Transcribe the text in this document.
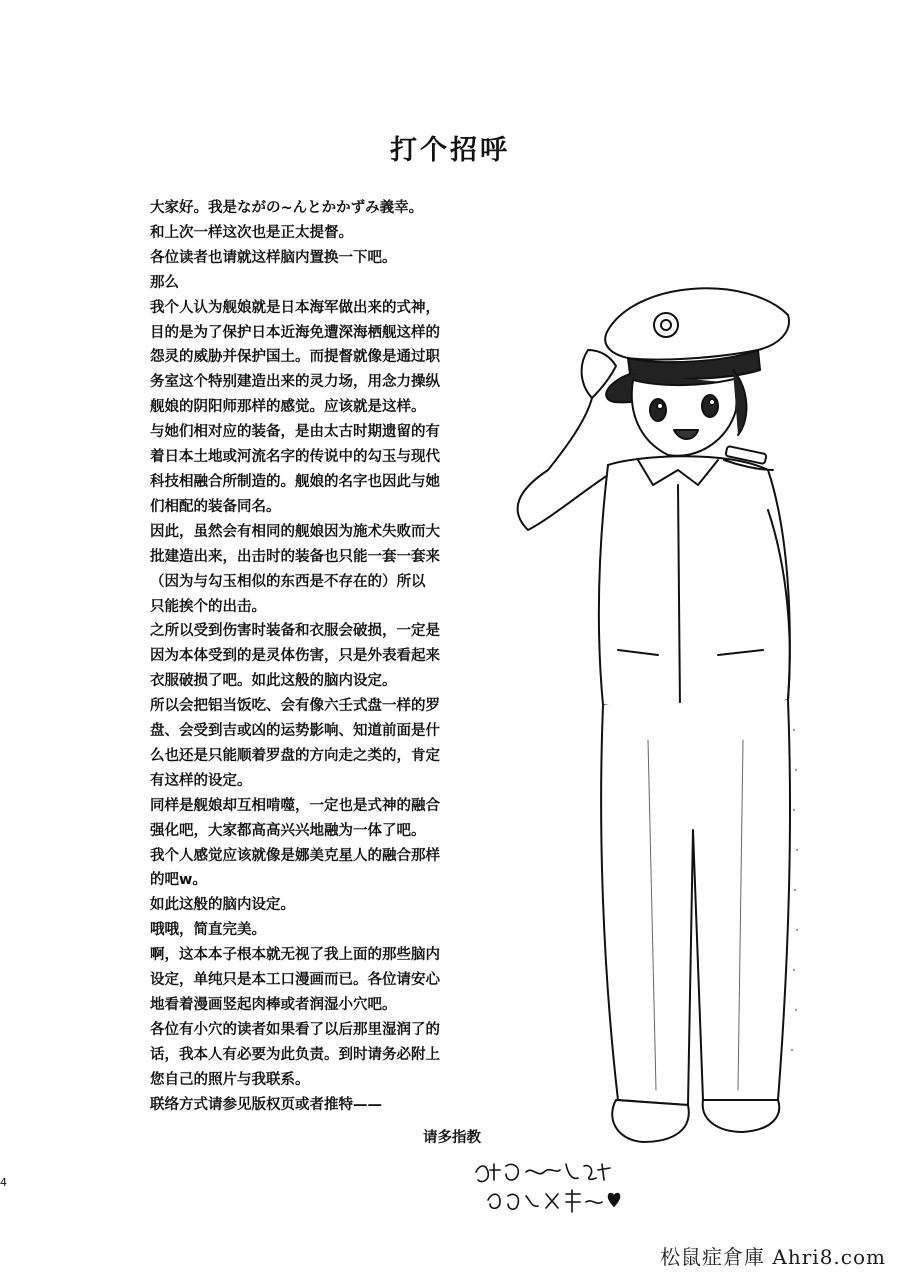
打个招呼
大家好。我是ながの~んとかかずみ義幸。
和上次一样这次也是正太提督。
各位读者也请就这样脑内置换一下吧。
那么
我个人认为舰娘就是日本海军做出来的式神，
目的是为了保护日本近海免遭深海栖舰这样的
怨灵的威胁并保护国土。而提督就像是通过职
务室这个特别建造出来的灵力场，用念力操纵
舰娘的阴阳师那样的感觉。应该就是这样。
与她们相对应的装备，是由太古时期遗留的有
着日本土地或河流名字的传说中的勾玉与现代
科技相融合所制造的。舰娘的名字也因此与她
们相配的装备同名。
因此，虽然会有相同的舰娘因为施术失败而大
批建造出来，出击时的装备也只能一套一套来
（因为与勾玉相似的东西是不存在的）所以
只能挨个的出击。
之所以受到伤害时装备和衣服会破损，一定是
因为本体受到的是灵体伤害，只是外表看起来
衣服破损了吧。如此这般的脑内设定。
所以会把铝当饭吃、会有像六壬式盘一样的罗
盘、会受到吉或凶的运势影响、知道前面是什
么也还是只能顺着罗盘的方向走之类的，肯定
有这样的设定。
同样是舰娘却互相啃噬，一定也是式神的融合
强化吧，大家都高高兴兴地融为一体了吧。
我个人感觉应该就像是娜美克星人的融合那样
的吧w。
如此这般的脑内设定。
哦哦，简直完美。
啊，这本本子根本就无视了我上面的那些脑内
设定，单纯只是本工口漫画而已。各位请安心
地看着漫画竖起肉棒或者润湿小穴吧。
各位有小穴的读者如果看了以后那里湿润了的
话，我本人有必要为此负责。到时请务必附上
您自己的照片与我联系。
联络方式请参见版权页或者推特——
请多指教
4
松鼠症倉庫 Ahri8.com
